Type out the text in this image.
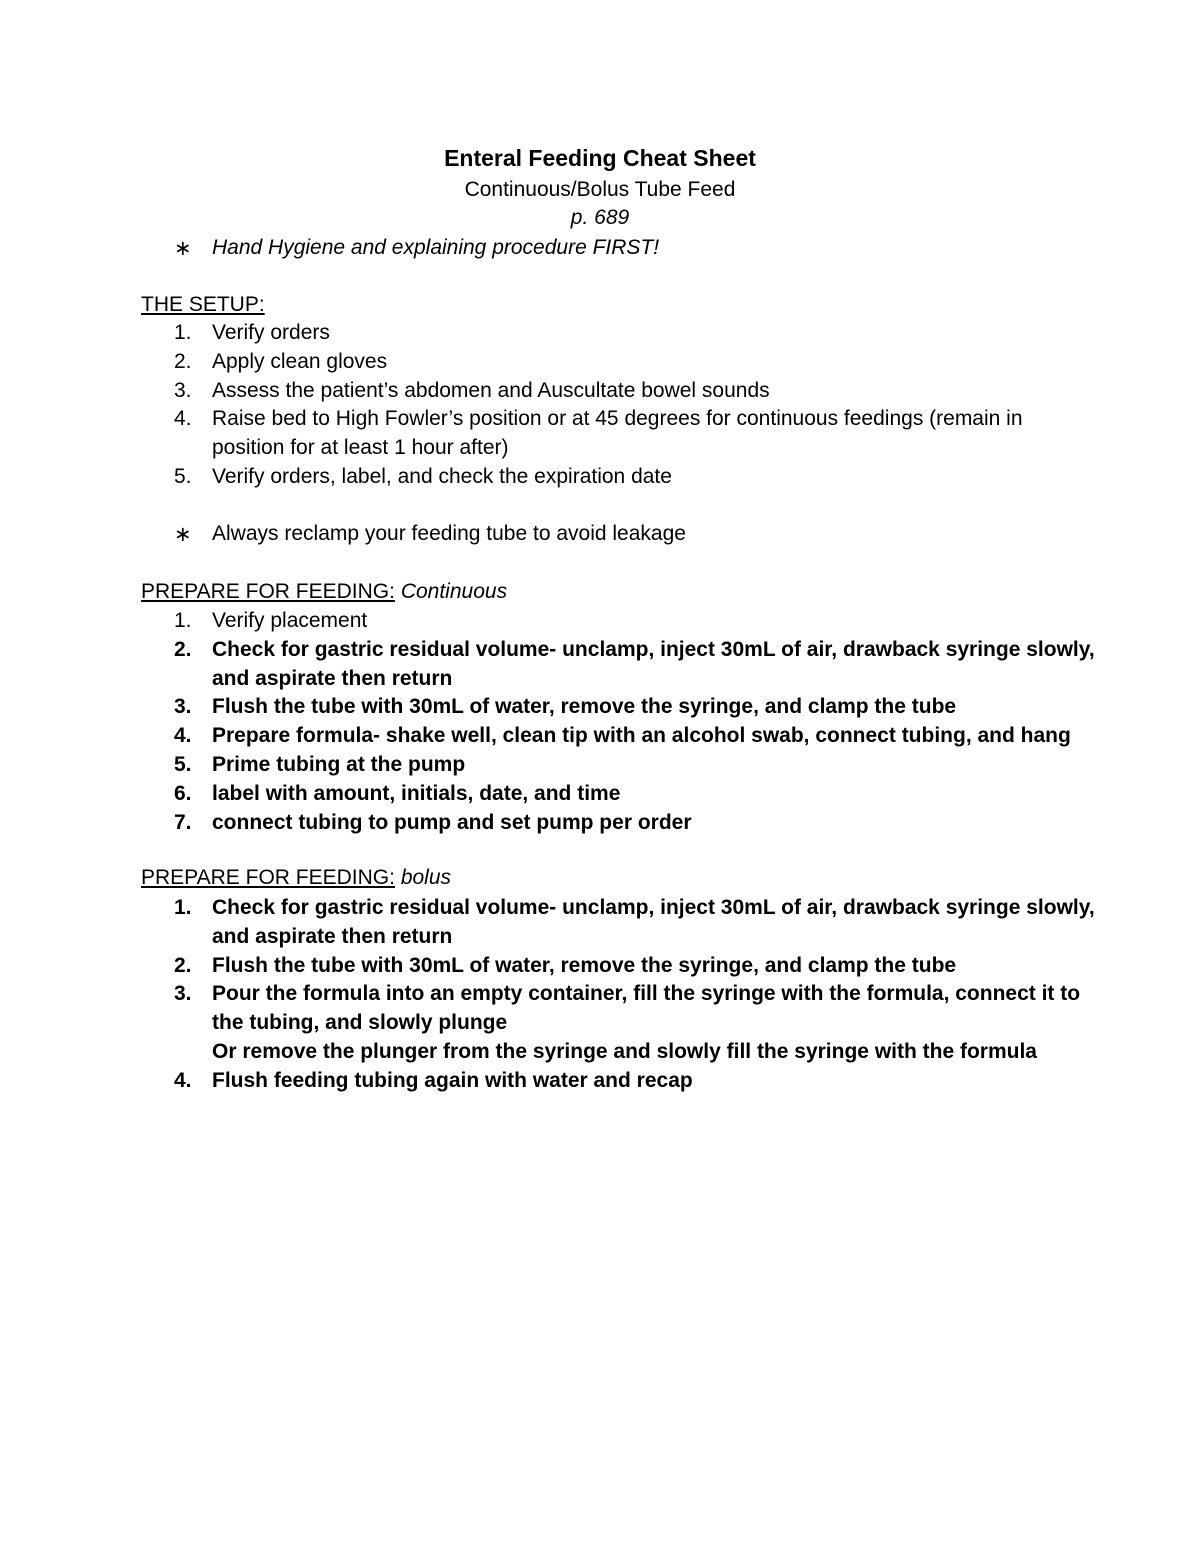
Enteral Feeding Cheat Sheet
Continuous/Bolus Tube Feed
p. 689
∗ Hand Hygiene and explaining procedure FIRST!
THE SETUP:
1. Verify orders
2. Apply clean gloves
3. Assess the patient’s abdomen and Auscultate bowel sounds
4. Raise bed to High Fowler’s position or at 45 degrees for continuous feedings (remain in
position for at least 1 hour after)
5. Verify orders, label, and check the expiration date
∗ Always reclamp your feeding tube to avoid leakage
PREPARE FOR FEEDING: Continuous
1. Verify placement
2. Check for gastric residual volume- unclamp, inject 30mL of air, drawback syringe slowly,
and aspirate then return
3. Flush the tube with 30mL of water, remove the syringe, and clamp the tube
4. Prepare formula- shake well, clean tip with an alcohol swab, connect tubing, and hang
5. Prime tubing at the pump
6. label with amount, initials, date, and time
7. connect tubing to pump and set pump per order
PREPARE FOR FEEDING: bolus
1. Check for gastric residual volume- unclamp, inject 30mL of air, drawback syringe slowly,
and aspirate then return
2. Flush the tube with 30mL of water, remove the syringe, and clamp the tube
3. Pour the formula into an empty container, fill the syringe with the formula, connect it to
the tubing, and slowly plunge
Or remove the plunger from the syringe and slowly fill the syringe with the formula
4. Flush feeding tubing again with water and recap
